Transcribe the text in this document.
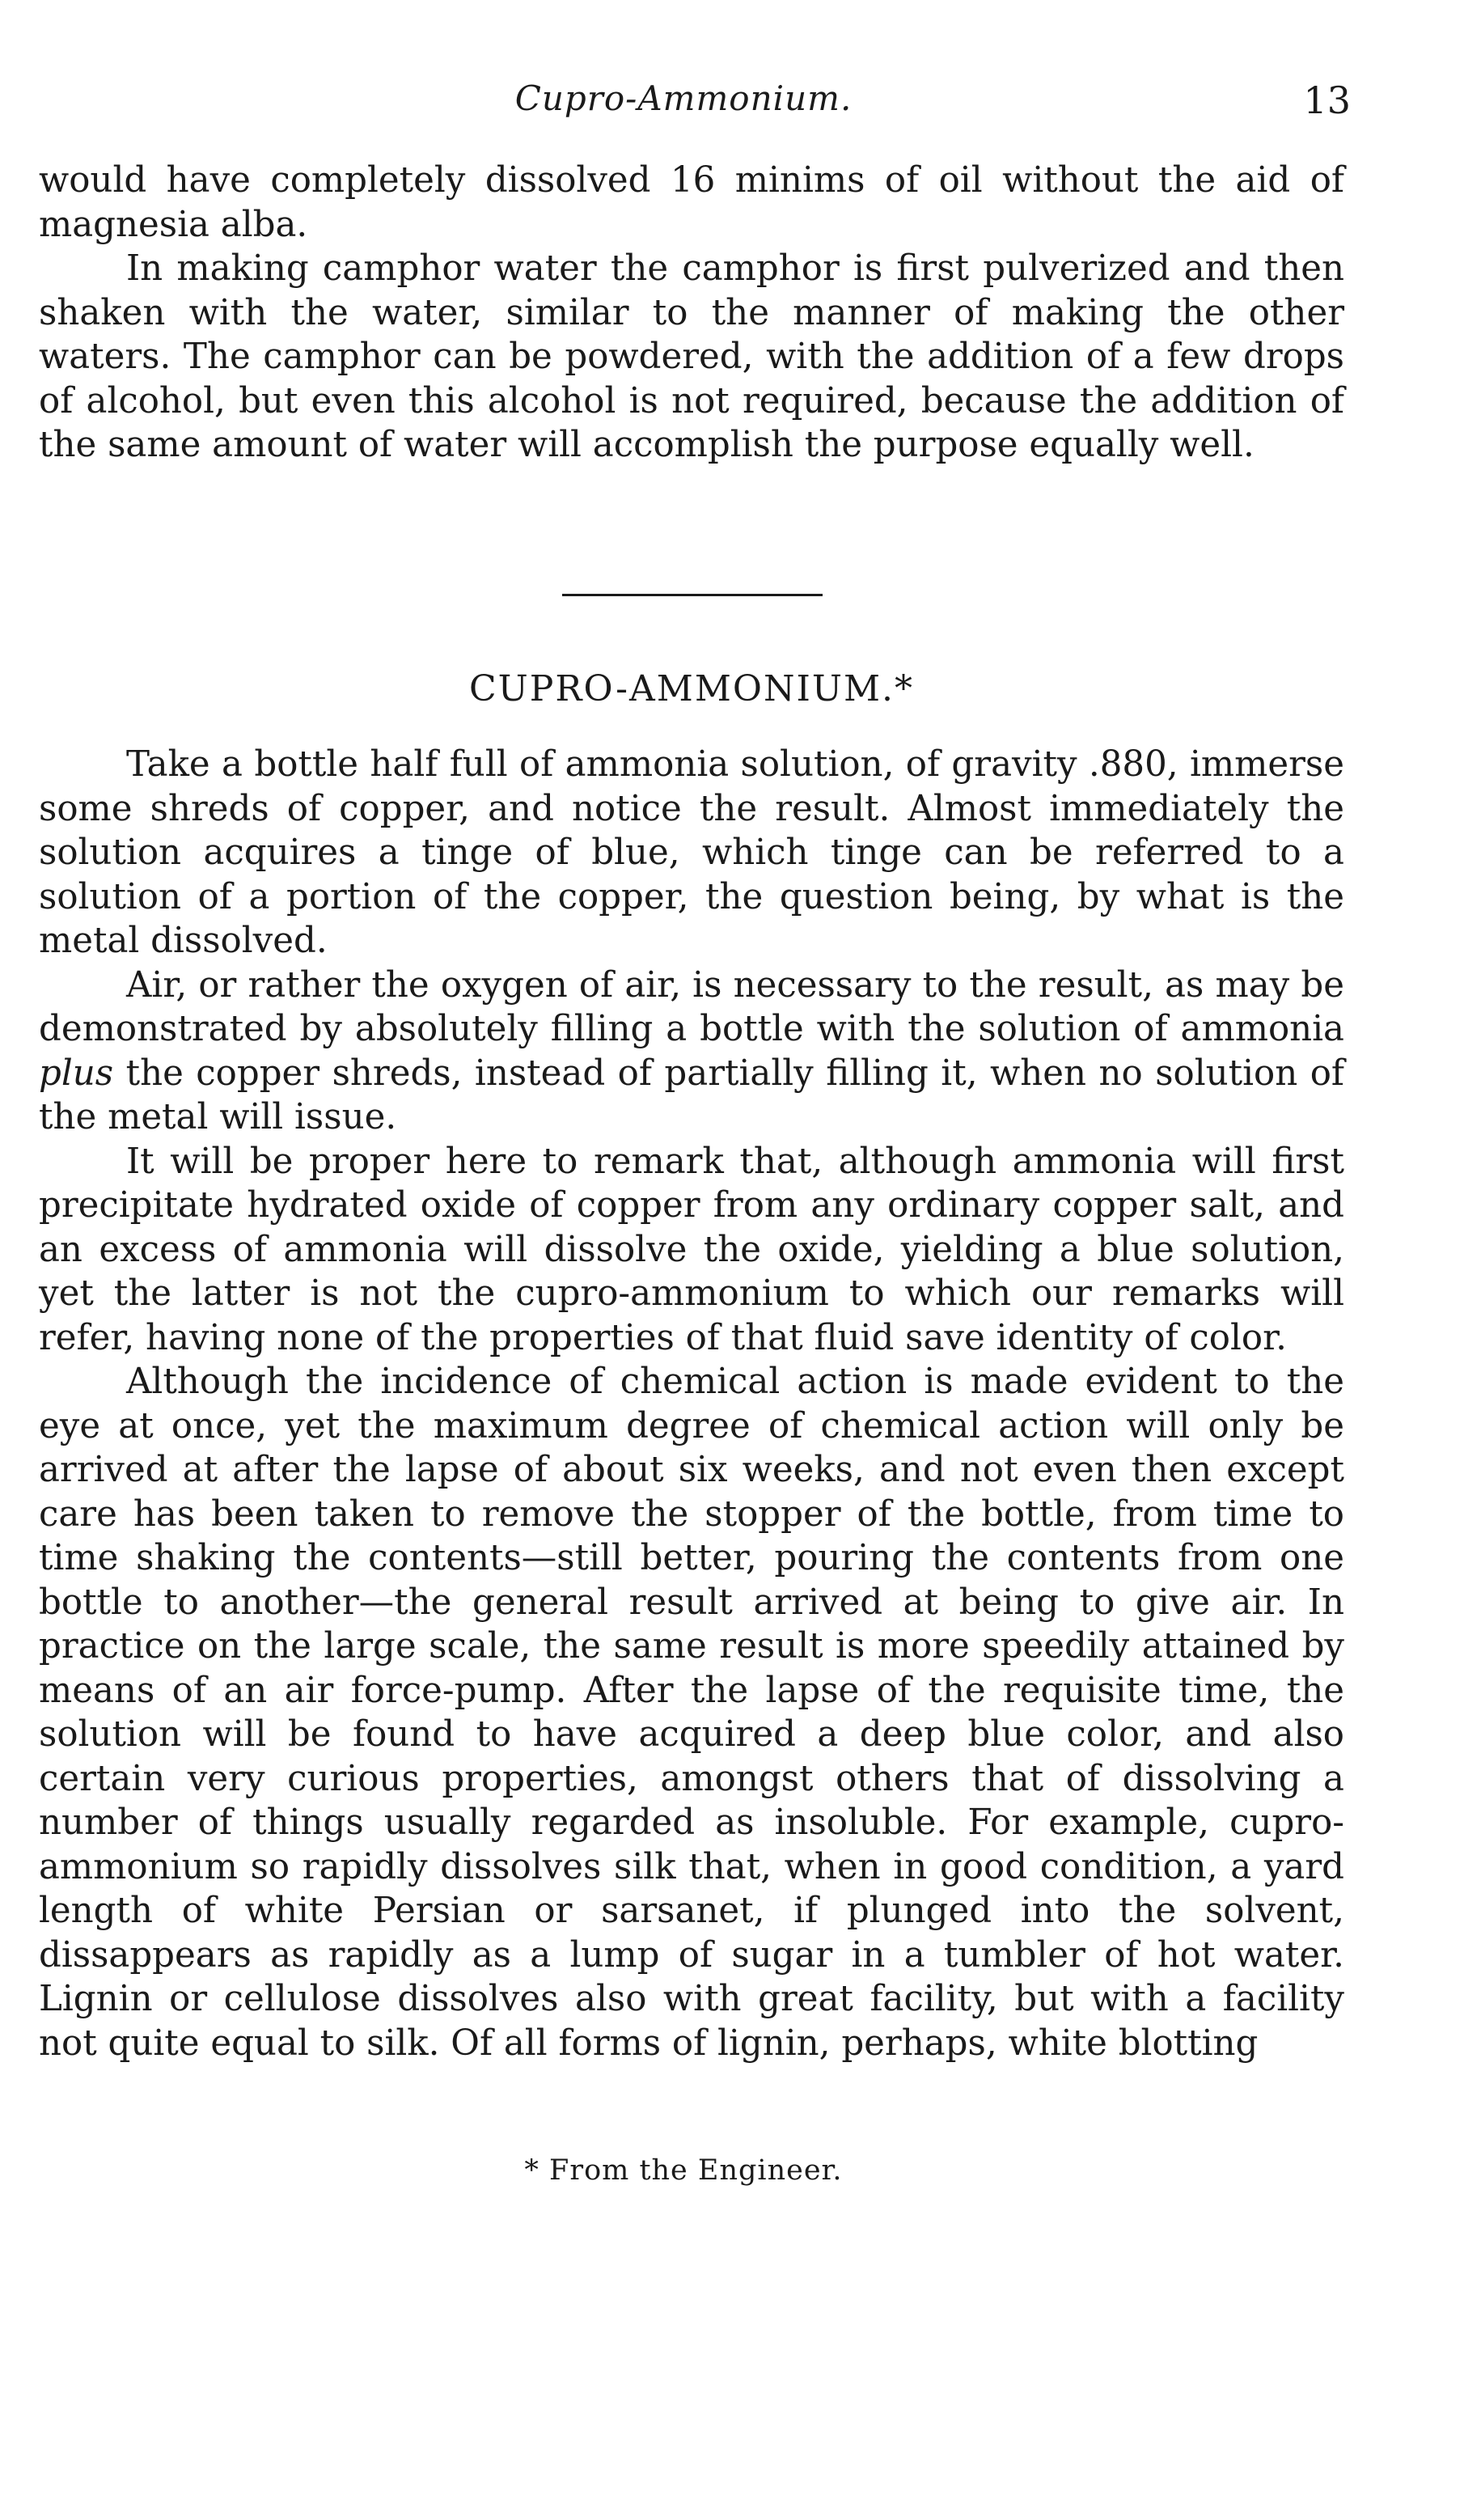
Cupro-Ammonium.	13

would have completely dissolved 16 minims of oil without the aid of magnesia alba.

In making camphor water the camphor is first pulverized and then shaken with the water, similar to the manner of making the other waters. The camphor can be powdered, with the addition of a few drops of alcohol, but even this alcohol is not required, because the addition of the same amount of water will accomplish the purpose equally well.

CUPRO-AMMONIUM.*

Take a bottle half full of ammonia solution, of gravity .880, immerse some shreds of copper, and notice the result. Almost immediately the solution acquires a tinge of blue, which tinge can be referred to a solution of a portion of the copper, the question being, by what is the metal dissolved.

Air, or rather the oxygen of air, is necessary to the result, as may be demonstrated by absolutely filling a bottle with the solution of ammonia plus the copper shreds, instead of partially filling it, when no solution of the metal will issue.

It will be proper here to remark that, although ammonia will first precipitate hydrated oxide of copper from any ordinary copper salt, and an excess of ammonia will dissolve the oxide, yielding a blue solution, yet the latter is not the cupro-ammonium to which our remarks will refer, having none of the properties of that fluid save identity of color.

Although the incidence of chemical action is made evident to the eye at once, yet the maximum degree of chemical action will only be arrived at after the lapse of about six weeks, and not even then except care has been taken to remove the stopper of the bottle, from time to time shaking the contents—still better, pouring the contents from one bottle to another—the general result arrived at being to give air. In practice on the large scale, the same result is more speedily attained by means of an air force-pump. After the lapse of the requisite time, the solution will be found to have acquired a deep blue color, and also certain very curious properties, amongst others that of dissolving a number of things usually regarded as insoluble. For example, cupro-ammonium so rapidly dissolves silk that, when in good condition, a yard length of white Persian or sarsanet, if plunged into the solvent, dissappears as rapidly as a lump of sugar in a tumbler of hot water. Lignin or cellulose dissolves also with great facility, but with a facility not quite equal to silk. Of all forms of lignin, perhaps, white blotting

* From the Engineer.
